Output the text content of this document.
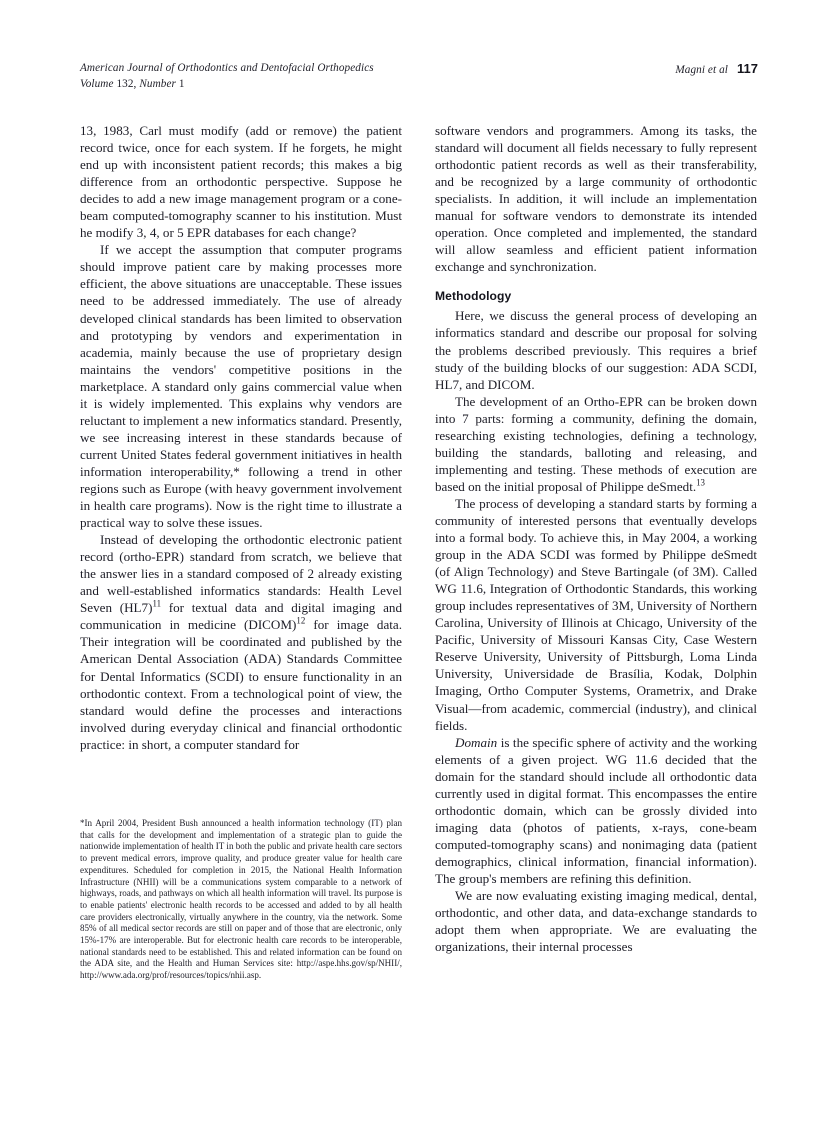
American Journal of Orthodontics and Dentofacial Orthopedics
Volume 132, Number 1
Magni et al 117

13, 1983, Carl must modify (add or remove) the patient record twice, once for each system. If he forgets, he might end up with inconsistent patient records; this makes a big difference from an orthodontic perspective. Suppose he decides to add a new image management program or a cone-beam computed-tomography scanner to his institution. Must he modify 3, 4, or 5 EPR databases for each change?

If we accept the assumption that computer programs should improve patient care by making processes more efficient, the above situations are unacceptable. These issues need to be addressed immediately. The use of already developed clinical standards has been limited to observation and prototyping by vendors and experimentation in academia, mainly because the use of proprietary design maintains the vendors' competitive positions in the marketplace. A standard only gains commercial value when it is widely implemented. This explains why vendors are reluctant to implement a new informatics standard. Presently, we see increasing interest in these standards because of current United States federal government initiatives in health information interoperability,* following a trend in other regions such as Europe (with heavy government involvement in health care programs). Now is the right time to illustrate a practical way to solve these issues.

Instead of developing the orthodontic electronic patient record (ortho-EPR) standard from scratch, we believe that the answer lies in a standard composed of 2 already existing and well-established informatics standards: Health Level Seven $(HL7)^{11}$ for textual data and digital imaging and communication in medicine (DICOM)$^{12}$ for image data. Their integration will be coordinated and published by the American Dental Association (ADA) Standards Committee for Dental Informatics (SCDI) to ensure functionality in an orthodontic context. From a technological point of view, the standard would define the processes and interactions involved during everyday clinical and financial orthodontic practice: in short, a computer standard for

software vendors and programmers. Among its tasks, the standard will document all fields necessary to fully represent orthodontic patient records as well as their transferability, and be recognized by a large community of orthodontic specialists. In addition, it will include an implementation manual for software vendors to demonstrate its intended operation. Once completed and implemented, the standard will allow seamless and efficient patient information exchange and synchronization.

Methodology

Here, we discuss the general process of developing an informatics standard and describe our proposal for solving the problems described previously. This requires a brief study of the building blocks of our suggestion: ADA SCDI, HL7, and DICOM.

The development of an Ortho-EPR can be broken down into 7 parts: forming a community, defining the domain, researching existing technologies, defining a technology, building the standards, balloting and releasing, and implementing and testing. These methods of execution are based on the initial proposal of Philippe deSmedt.$^{13}$

The process of developing a standard starts by forming a community of interested persons that eventually develops into a formal body. To achieve this, in May 2004, a working group in the ADA SCDI was formed by Philippe deSmedt (of Align Technology) and Steve Bartingale (of 3M). Called WG 11.6, Integration of Orthodontic Standards, this working group includes representatives of 3M, University of Northern Carolina, University of Illinois at Chicago, University of the Pacific, University of Missouri Kansas City, Case Western Reserve University, University of Pittsburgh, Loma Linda University, Universidade de Brasília, Kodak, Dolphin Imaging, Ortho Computer Systems, Orametrix, and Drake Visual—from academic, commercial (industry), and clinical fields.

Domain is the specific sphere of activity and the working elements of a given project. WG 11.6 decided that the domain for the standard should include all orthodontic data currently used in digital format. This encompasses the entire orthodontic domain, which can be grossly divided into imaging data (photos of patients, x-rays, cone-beam computed-tomography scans) and nonimaging data (patient demographics, clinical information, financial information). The group's members are refining this definition.

We are now evaluating existing imaging medical, dental, orthodontic, and other data, and data-exchange standards to adopt them when appropriate. We are evaluating the organizations, their internal processes

*In April 2004, President Bush announced a health information technology (IT) plan that calls for the development and implementation of a strategic plan to guide the nationwide implementation of health IT in both the public and private health care sectors to prevent medical errors, improve quality, and produce greater value for health care expenditures. Scheduled for completion in 2015, the National Health Information Infrastructure (NHII) will be a communications system comparable to a network of highways, roads, and pathways on which all health information will travel. Its purpose is to enable patients' electronic health records to be accessed and added to by all health care providers electronically, virtually anywhere in the country, via the network. Some 85% of all medical sector records are still on paper and of those that are electronic, only 15%-17% are interoperable. But for electronic health care records to be interoperable, national standards need to be established. This and related information can be found on the ADA site, and the Health and Human Services site: http://aspe.hhs.gov/sp/NHII/, http://www.ada.org/prof/resources/topics/nhii.asp.
